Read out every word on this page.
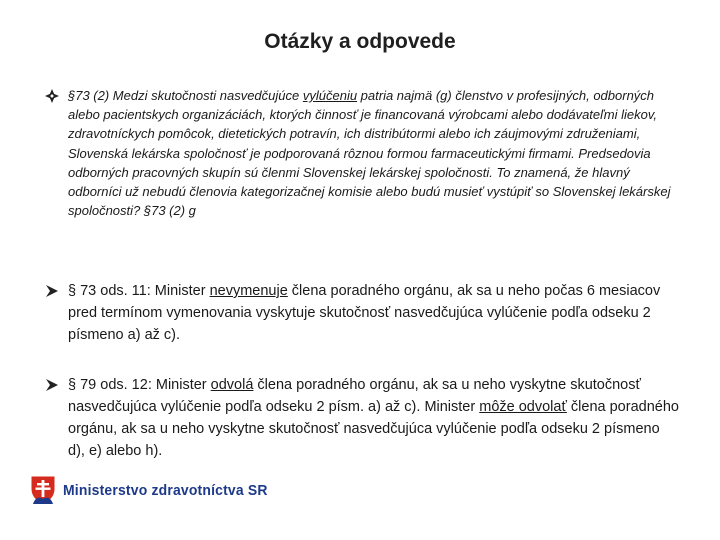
Otázky a odpovede
§73 (2) Medzi skutočnosti nasvedčujúce vylúčeniu patria najmä (g) členstvo v profesijných, odborných alebo pacientskych organizáciách, ktorých činnosť je financovaná výrobcami alebo dodávateľmi liekov, zdravotníckych pomôcok, dietetických potravín, ich distribútormi alebo ich záujmovými združeniami, Slovenská lekárska spoločnosť je podporovaná rôznou formou farmaceutickými firmami. Predsedovia odborných pracovných skupín sú členmi Slovenskej lekárskej spoločnosti. To znamená, že hlavný odborníci už nebudú členovia kategorizačnej komisie alebo budú musieť vystúpiť so Slovenskej lekárskej spoločnosti? §73 (2) g
§ 73 ods. 11: Minister nevymenuje člena poradného orgánu, ak sa u neho počas 6 mesiacov pred termínom vymenovania vyskytuje skutočnosť nasvedčujúca vylúčenie podľa odseku 2 písmeno a) až c).
§ 79 ods. 12: Minister odvolá člena poradného orgánu, ak sa u neho vyskytne skutočnosť nasvedčujúca vylúčenie podľa odseku 2 písm. a) až c). Minister môže odvolať člena poradného orgánu, ak sa u neho vyskytne skutočnosť nasvedčujúca vylúčenie podľa odseku 2 písmeno d), e) alebo h).
Ministerstvo zdravotníctva SR
